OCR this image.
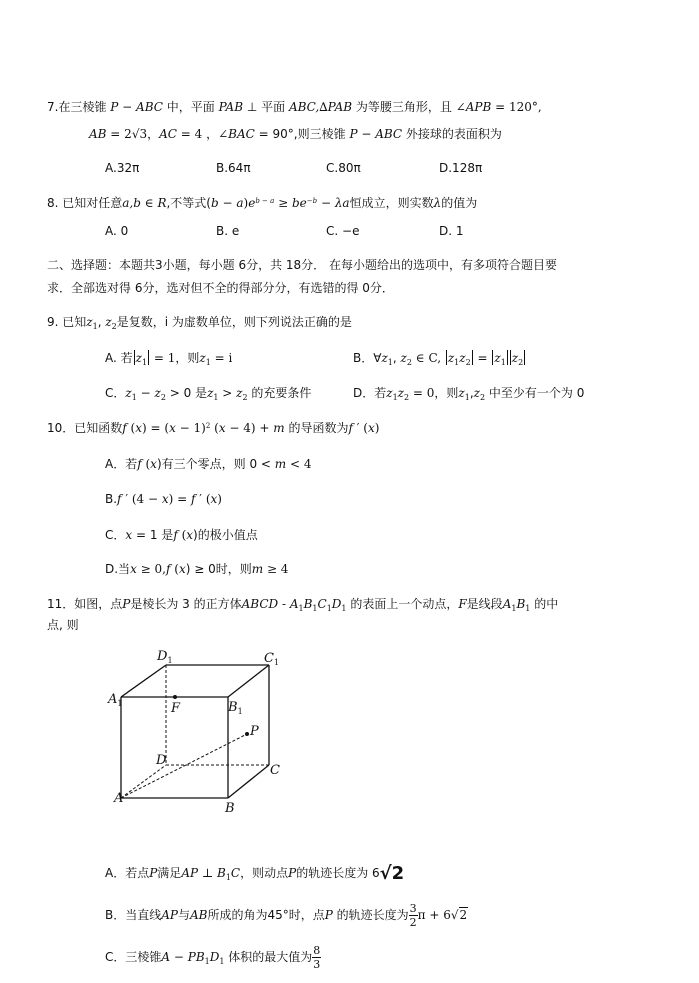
7.在三棱锥 P − ABC 中，平面 PAB ⊥ 平面 ABC,∆PAB 为等腰三角形，且 ∠APB = 120°,
AB = 2√3，AC = 4 ，∠BAC = 90°,则三棱锥 P − ABC 外接球的表面积为
A.32π	B.64π	C.80π	D.128π
8. 已知对任意a,b ∈ R,不等式$(b - a)e^{b - a} \ge be^{-b} - \lambda a$恒成立，则实数λ的值为
A. 0	B. e	C. −e	D. 1
二、选择题：本题共3小题，每小题 6分，共 18分． 在每小题给出的选项中，有多项符合题目要
求．全部选对得 6分，选对但不全的得部分分，有选错的得 0分．
9. 已知$z_1$, $z_2$是复数，i 为虚数单位，则下列说法正确的是
A. 若 $z_1 = 1$，则$z_1 = i$	B．$\forall z_1$, $z_2$ ∈ C, $z_1z_2 = z_1$ $z_2$
C．$z_1 - z_2 > 0$ 是$z_1 > z_2$ 的充要条件	D．若$z_1z_2 = 0$，则$z_1,z_2$ 中至少有一个为 0
10．已知函数f $(x) = (x - 1)^2$ (x − 4) + m 的导函数为f ′ (x)
A．若f (x)有三个零点，则 0 < m < 4
B.f ′ (4 − x) = f ′ (x)
C．x = 1 是f (x)的极小值点
D.当x ≥ 0,f (x) ≥ 0时，则m ≥ 4
11．如图，点P是棱长为 3 的正方体ABCD - $A_1B_1C_1D_1$ 的表面上一个动点，F是线段$A_1B_1$ 的中
点, 则
$D_1$	$C_1$
$A_1$	$B_1$
F
P
D
C
A
B
A．若点P满足AP ⊥ $B_1C$，则动点P的轨迹长度为 6√2
B．当直线AP与AB所成的角为45°时，点P 的轨迹长度为 $\frac{3}{2}$ π + 6√2
C．三棱锥$A - PB_1D_1$ 体积的最大值为 $\frac{8}{3}$
